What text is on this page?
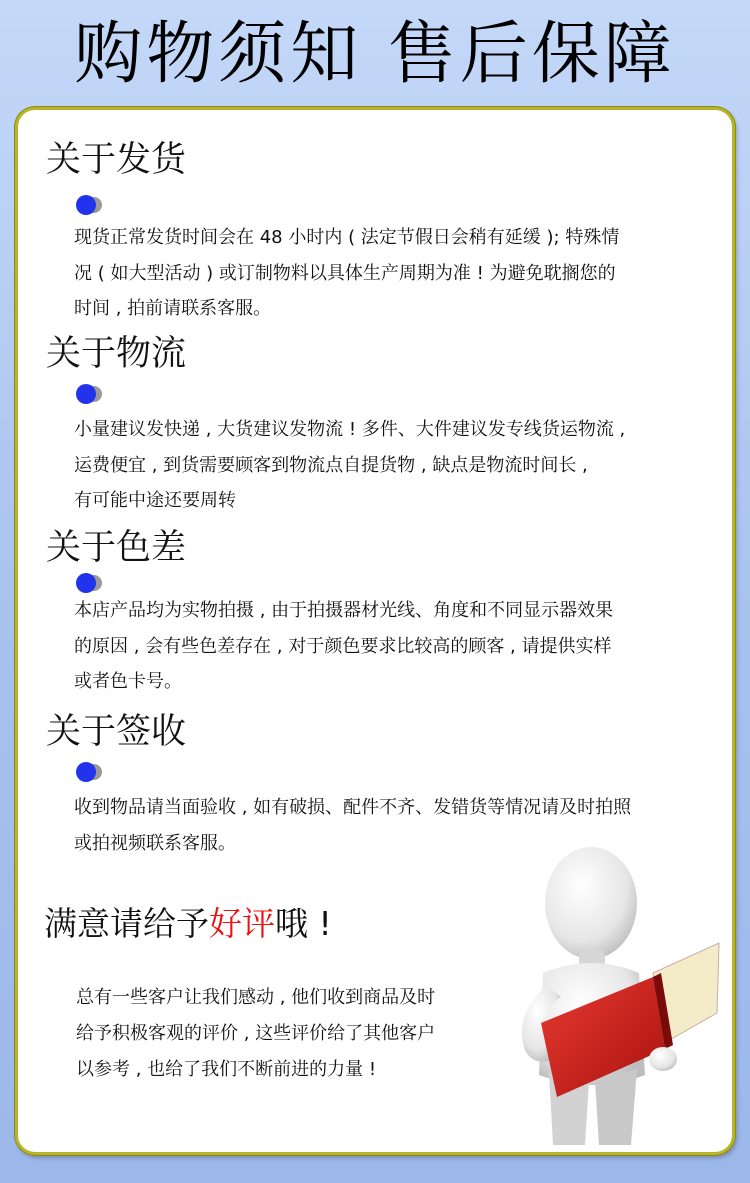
购物须知 售后保障
关于发货
现货正常发货时间会在 48 小时内 ( 法定节假日会稍有延缓 ); 特殊情
况 ( 如大型活动 ) 或订制物料以具体生产周期为准 ! 为避免耽搁您的
时间 , 拍前请联系客服。
关于物流
小量建议发快递 , 大货建议发物流 ! 多件、大件建议发专线货运物流 ,
运费便宜 , 到货需要顾客到物流点自提货物 , 缺点是物流时间长 ,
有可能中途还要周转
关于色差
本店产品均为实物拍摄 , 由于拍摄器材光线、角度和不同显示器效果
的原因 , 会有些色差存在 , 对于颜色要求比较高的顾客 , 请提供实样
或者色卡号。
关于签收
收到物品请当面验收 , 如有破损、配件不齐、发错货等情况请及时拍照
或拍视频联系客服。
满意请给予好评哦 !
总有一些客户让我们感动 , 他们收到商品及时
给予积极客观的评价 , 这些评价给了其他客户
以参考 , 也给了我们不断前进的力量 !
